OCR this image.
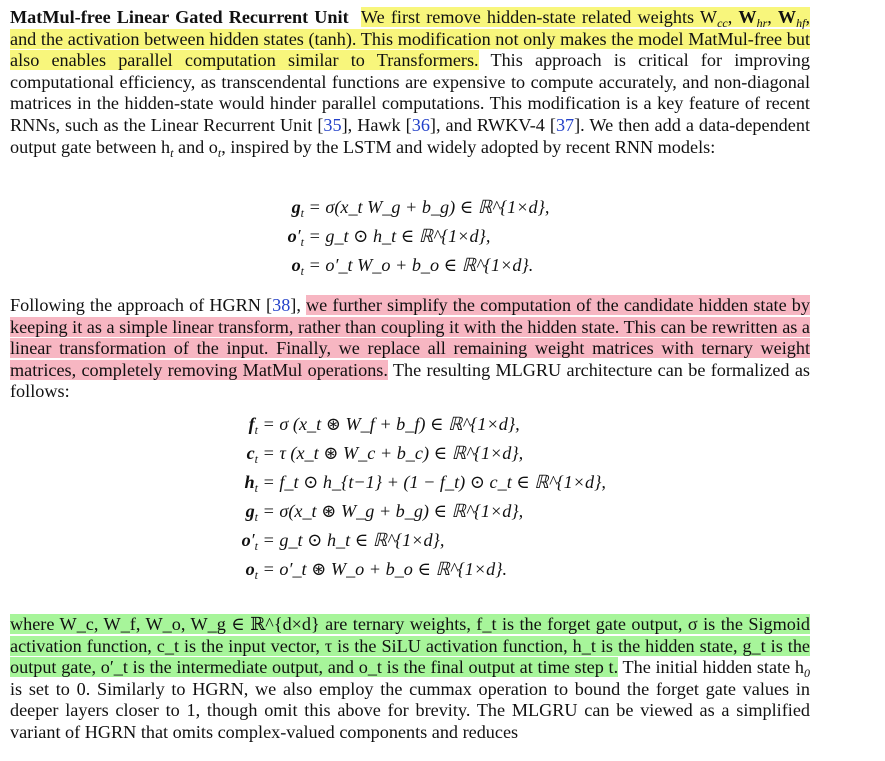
MatMul-free Linear Gated Recurrent Unit We first remove hidden-state related weights $W_{cc}$, $W_{hr}$, $W_{hf}$, and the activation between hidden states (tanh). This modification not only makes the model MatMul-free but also enables parallel computation similar to Transformers. This approach is critical for improving computational efficiency, as transcendental functions are expensive to compute accurately, and non-diagonal matrices in the hidden-state would hinder parallel computations. This modification is a key feature of recent RNNs, such as the Linear Recurrent Unit [35], Hawk [36], and RWKV-4 [37]. We then add a data-dependent output gate between $h_t$ and $o_t$, inspired by the LSTM and widely adopted by recent RNN models:

$g_t$ = σ(x_t W_g + b_g) ∈ ℝ^{1×d},
$o'_t$ = g_t ⊙ h_t ∈ ℝ^{1×d},
$o_t$ = o′_t W_o + b_o ∈ ℝ^{1×d}.

Following the approach of HGRN [38], we further simplify the computation of the candidate hidden state by keeping it as a simple linear transform, rather than coupling it with the hidden state. This can be rewritten as a linear transformation of the input. Finally, we replace all remaining weight matrices with ternary weight matrices, completely removing MatMul operations. The resulting MLGRU architecture can be formalized as follows:

$f_t = \sigma$ (x_t ⊛ W_f + b_f) ∈ ℝ^{1×d},
$c_t = \tau$ (x_t ⊛ W_c + b_c) ∈ ℝ^{1×d},
$h_t$ = f_t ⊙ h_{t−1} + (1 − f_t) ⊙ c_t ∈ ℝ^{1×d},
$g_t$ = σ(x_t ⊛ W_g + b_g) ∈ ℝ^{1×d},
$o'_t$ = g_t ⊙ h_t ∈ ℝ^{1×d},
$o_t$ = o′_t ⊛ W_o + b_o ∈ ℝ^{1×d}.

where W_c, W_f, W_o, W_g ∈ ℝ^{d×d} are ternary weights, f_t is the forget gate output, σ is the Sigmoid activation function, c_t is the input vector, τ is the SiLU activation function, h_t is the hidden state, g_t is the output gate, o′_t is the intermediate output, and o_t is the final output at time step t. The initial hidden state $h_0$ is set to 0. Similarly to HGRN, we also employ the cummax operation to bound the forget gate values in deeper layers closer to 1, though omit this above for brevity. The MLGRU can be viewed as a simplified variant of HGRN that omits complex-valued components and reduces
